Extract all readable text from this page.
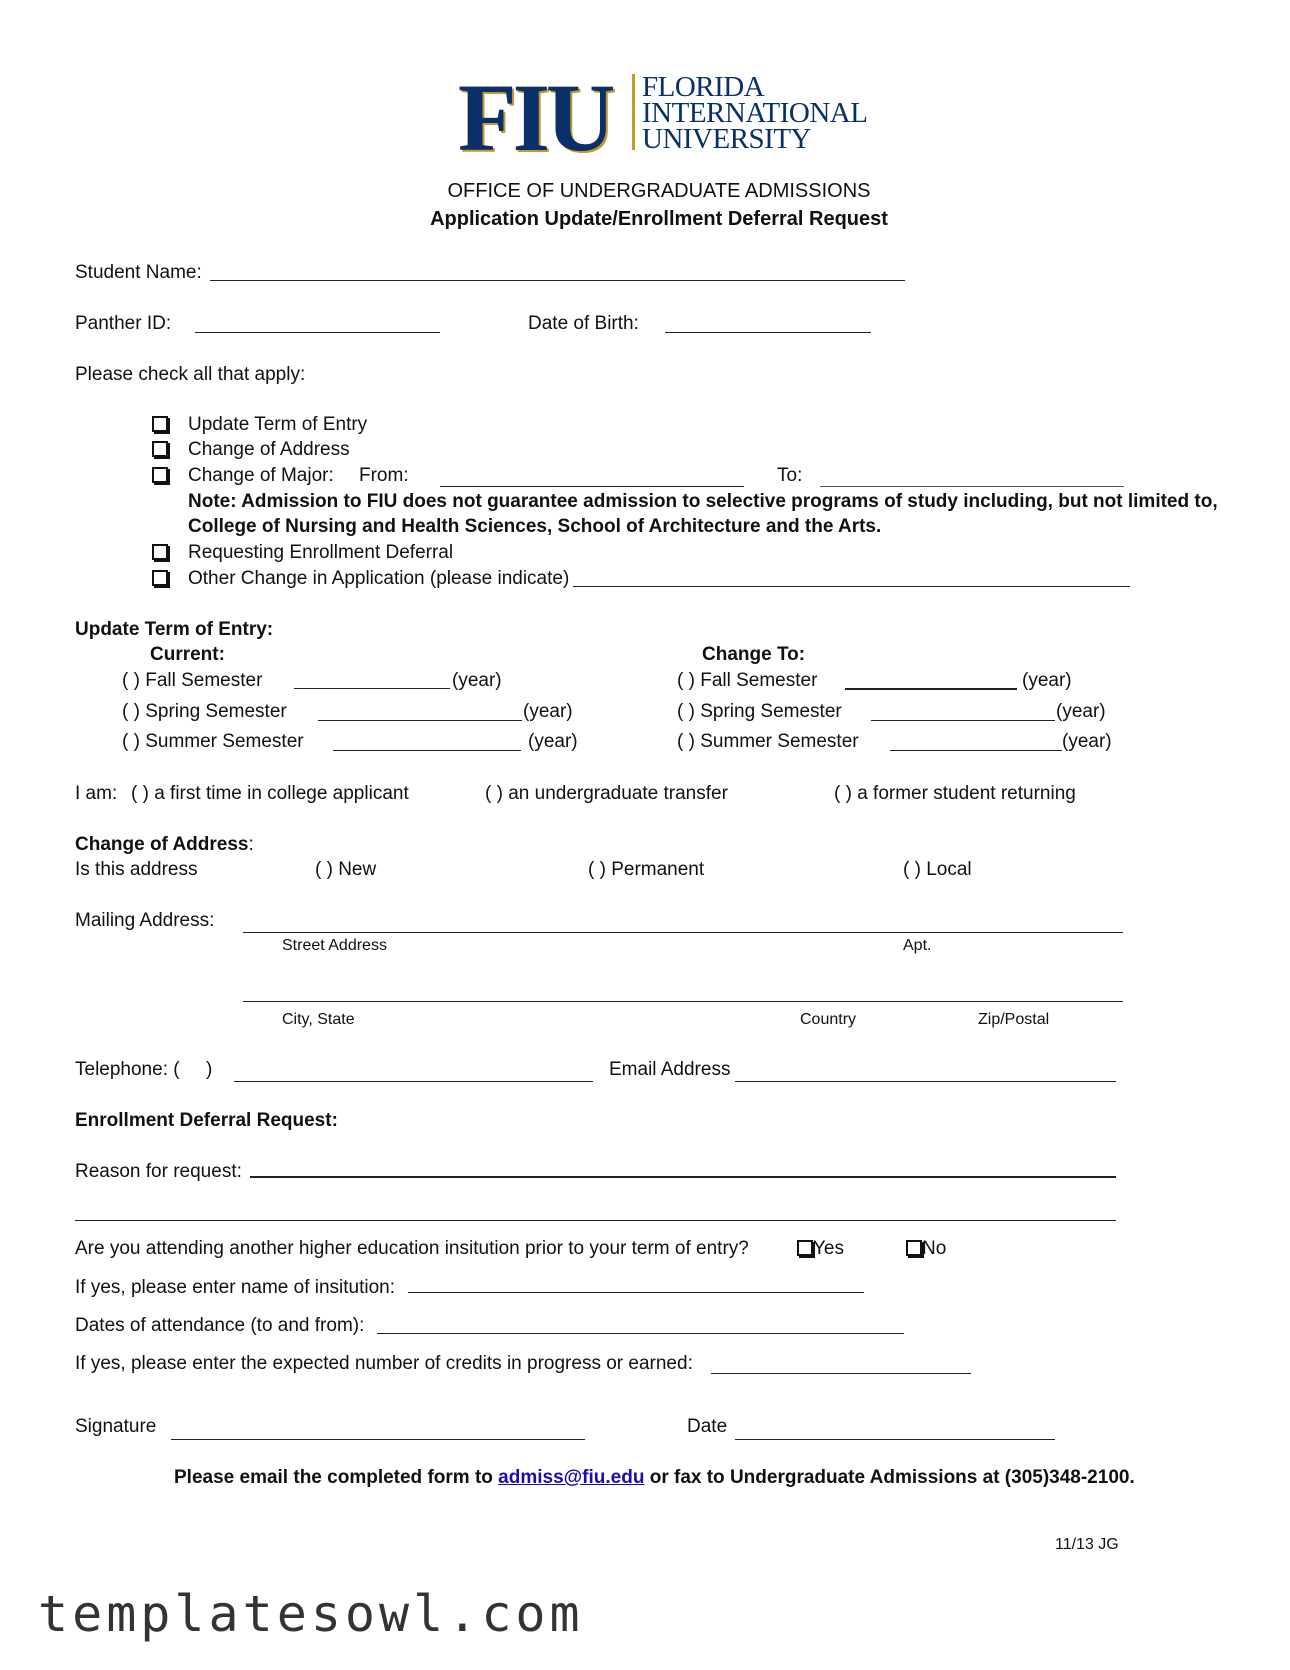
FIU FLORIDA
INTERNATIONAL
UNIVERSITY
OFFICE OF UNDERGRADUATE ADMISSIONS
Application Update/Enrollment Deferral Request
Student Name:
Panther ID:	Date of Birth:
Please check all that apply:
Update Term of Entry
Change of Address
Change of Major: From:	To:
Note: Admission to FIU does not guarantee admission to selective programs of study including, but not limited to,
College of Nursing and Health Sciences, School of Architecture and the Arts.
Requesting Enrollment Deferral
Other Change in Application (please indicate)
Update Term of Entry:
Current:	Change To:
( ) Fall Semester	(year)
( ) Spring Semester	(year)
( ) Summer Semester	(year)
( ) Fall Semester	(year)
( ) Spring Semester	(year)
( ) Summer Semester	(year)
I am: ( ) a first time in college applicant	( ) an undergraduate transfer	( ) a former student returning
Change of Address:
Is this address	( ) New	( ) Permanent	( ) Local
Mailing Address:
Street Address	Apt.
City, State	Country	Zip/Postal
Telephone: (     )	Email Address
Enrollment Deferral Request:
Reason for request:
Are you attending another higher education insitution prior to your term of entry?	Yes	No
If yes, please enter name of insitution:
Dates of attendance (to and from):
If yes, please enter the expected number of credits in progress or earned:
Signature	Date
Please email the completed form to admiss@fiu.edu or fax to Undergraduate Admissions at (305)348-2100.
11/13 JG
templatesowl.com
